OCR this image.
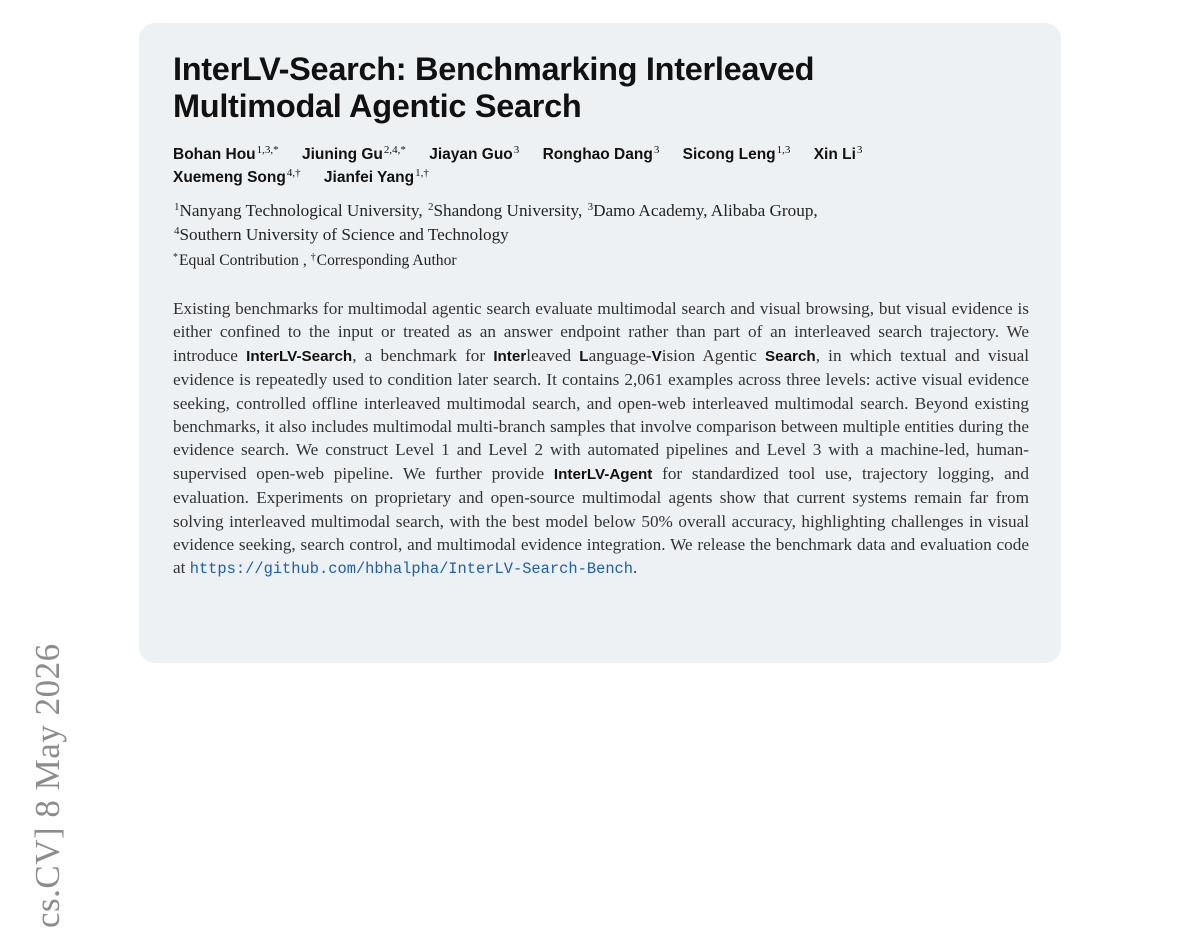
cs.CV] 8 May 2026
InterLV-Search: Benchmarking Interleaved
Multimodal Agentic Search
Bohan Hou$^{1,3,*}$ Jiuning $Gu^{2,4,*}$ Jiayan Guo$^3$ Ronghao Dang$^3$ Sicong Leng$^{1,3}$ Xin Li$^3$
Xuemeng Song$^{4,\dagger}$ Jianfei Yang$^{1,\dagger}$
$^1$Nanyang Technological University, $^2$Shandong University, $^3$Damo Academy, Alibaba Group,
$^4$Southern University of Science and Technology
*Equal Contribution , †Corresponding Author
Existing benchmarks for multimodal agentic search evaluate multimodal search and visual browsing, but visual evidence is either confined to the input or treated as an answer endpoint rather than part of an interleaved search trajectory. We introduce InterLV-Search, a benchmark for Interleaved Language-Vision Agentic Search, in which textual and visual evidence is repeatedly used to condition later search. It contains 2,061 examples across three levels: active visual evidence seeking, controlled offline interleaved multimodal search, and open-web interleaved multimodal search. Beyond existing benchmarks, it also includes multimodal multi-branch samples that involve comparison between multiple entities during the evidence search. We construct Level 1 and Level 2 with automated pipelines and Level 3 with a machine-led, human-supervised open-web pipeline. We further provide InterLV-Agent for standardized tool use, trajectory logging, and evaluation. Experiments on proprietary and open-source multimodal agents show that current systems remain far from solving interleaved multimodal search, with the best model below 50% overall accuracy, highlighting challenges in visual evidence seeking, search control, and multimodal evidence integration. We release the benchmark data and evaluation code at https://github.com/hbhalpha/InterLV-Search-Bench.
